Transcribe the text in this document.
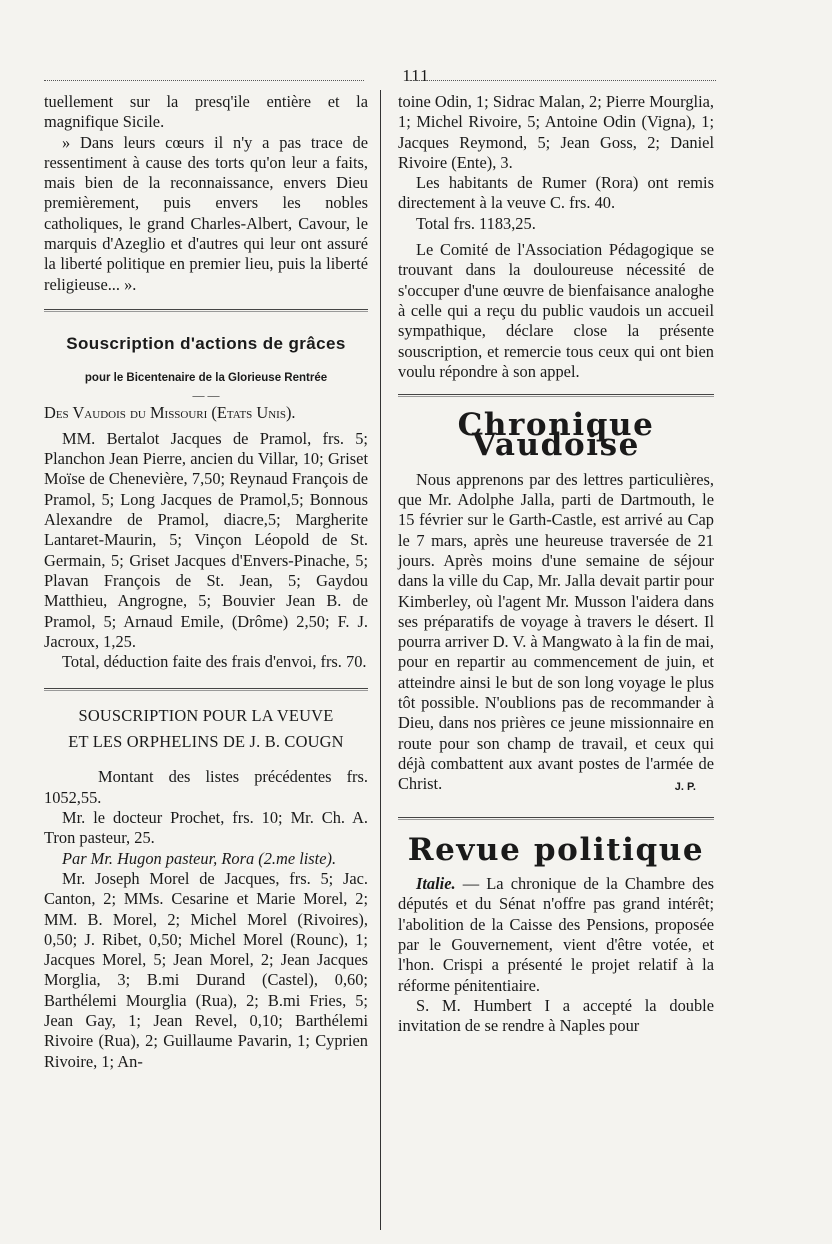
111

tuellement sur la presq'ile entière et la magnifique Sicile.

» Dans leurs cœurs il n'y a pas trace de ressentiment à cause des torts qu'on leur a faits, mais bien de la reconnaissance, envers Dieu premièrement, puis envers les nobles catholiques, le grand Charles-Albert, Cavour, le marquis d'Azeglio et d'autres qui leur ont assuré la liberté politique en premier lieu, puis la liberté religieuse... ».

Souscription d'actions de grâces
pour le Bicentenaire de la Glorieuse Rentrée
— —

Des Vaudois du Missouri (Etats Unis).

MM. Bertalot Jacques de Pramol, frs. 5; Planchon Jean Pierre, ancien du Villar, 10; Griset Moïse de Chenevière, 7,50; Reynaud François de Pramol, 5; Long Jacques de Pramol,5; Bonnous Alexandre de Pramol, diacre,5; Margherite Lantaret-Maurin, 5; Vinçon Léopold de St. Germain, 5; Griset Jacques d'Envers-Pinache, 5; Plavan François de St. Jean, 5; Gaydou Matthieu, Angrogne, 5; Bouvier Jean B. de Pramol, 5; Arnaud Emile, (Drôme) 2,50; F. J. Jacroux, 1,25.

Total, déduction faite des frais d'envoi, frs. 70.

SOUSCRIPTION POUR LA VEUVE
ET LES ORPHELINS DE J. B. COUGN

Montant des listes précédentes frs. 1052,55.

Mr. le docteur Prochet, frs. 10; Mr. Ch. A. Tron pasteur, 25.

Par Mr. Hugon pasteur, Rora (2.me liste).

Mr. Joseph Morel de Jacques, frs. 5; Jac. Canton, 2; MMs. Cesarine et Marie Morel, 2; MM. B. Morel, 2; Michel Morel (Rivoires), 0,50; J. Ribet, 0,50; Michel Morel (Rounc), 1; Jacques Morel, 5; Jean Morel, 2; Jean Jacques Morglia, 3; B.mi Durand (Castel), 0,60; Barthélemi Mourglia (Rua), 2; B.mi Fries, 5; Jean Gay, 1; Jean Revel, 0,10; Barthélemi Rivoire (Rua), 2; Guillaume Pavarin, 1; Cyprien Rivoire, 1; An-

toine Odin, 1; Sidrac Malan, 2; Pierre Mourglia, 1; Michel Rivoire, 5; Antoine Odin (Vigna), 1; Jacques Reymond, 5; Jean Goss, 2; Daniel Rivoire (Ente), 3.

Les habitants de Rumer (Rora) ont remis directement à la veuve C. frs. 40.

Total frs. 1183,25.

Le Comité de l'Association Pédagogique se trouvant dans la douloureuse nécessité de s'occuper d'une œuvre de bienfaisance analoghe à celle qui a reçu du public vaudois un accueil sympathique, déclare close la présente souscription, et remercie tous ceux qui ont bien voulu répondre à son appel.

Chronique Vaudoise

Nous apprenons par des lettres particulières, que Mr. Adolphe Jalla, parti de Dartmouth, le 15 février sur le Garth-Castle, est arrivé au Cap le 7 mars, après une heureuse traversée de 21 jours. Après moins d'une semaine de séjour dans la ville du Cap, Mr. Jalla devait partir pour Kimberley, où l'agent Mr. Musson l'aidera dans ses préparatifs de voyage à travers le désert. Il pourra arriver D. V. à Mangwato à la fin de mai, pour en repartir au commencement de juin, et atteindre ainsi le but de son long voyage le plus tôt possible. N'oublions pas de recommander à Dieu, dans nos prières ce jeune missionnaire en route pour son champ de travail, et ceux qui déjà combattent aux avant postes de l'armée de Christ.	J. P.
Revue politique

Italie. — La chronique de la Chambre des députés et du Sénat n'offre pas grand intérêt; l'abolition de la Caisse des Pensions, proposée par le Gouvernement, vient d'être votée, et l'hon. Crispi a présenté le projet relatif à la réforme pénitentiaire.

S. M. Humbert I a accepté la double invitation de se rendre à Naples pour
